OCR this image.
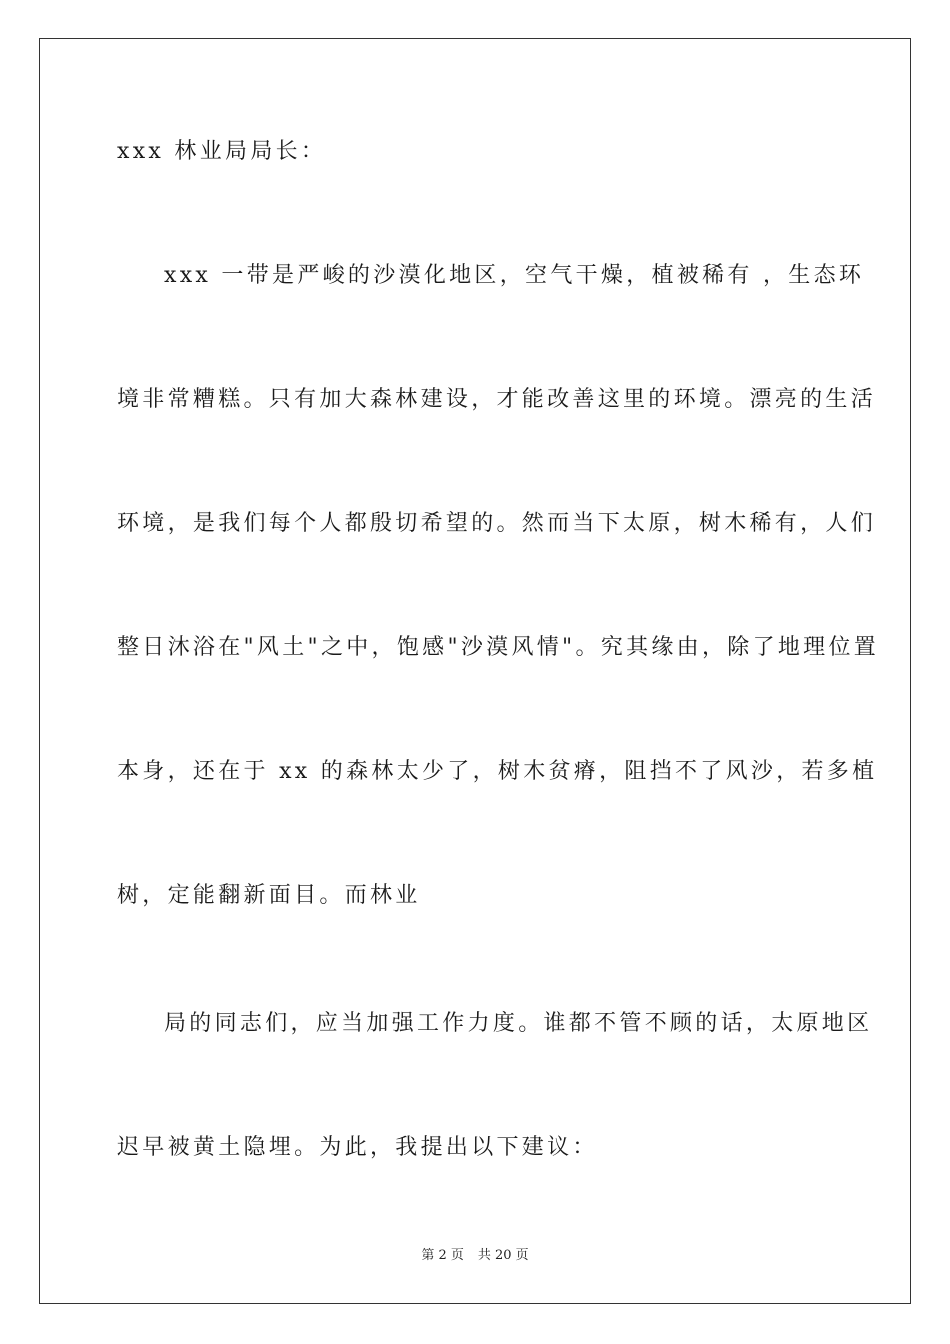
xxx 林业局局长：
xxx 一带是严峻的沙漠化地区，空气干燥，植被稀有 ，生态环
境非常糟糕。只有加大森林建设，才能改善这里的环境。漂亮的生活
环境，是我们每个人都殷切希望的。然而当下太原，树木稀有，人们
整日沐浴在"风土"之中，饱感"沙漠风情"。究其缘由，除了地理位置
本身，还在于 xx 的森林太少了，树木贫瘠，阻挡不了风沙，若多植
树，定能翻新面目。而林业
局的同志们，应当加强工作力度。谁都不管不顾的话，太原地区
迟早被黄土隐埋。为此，我提出以下建议：
第 2 页 共 20 页
